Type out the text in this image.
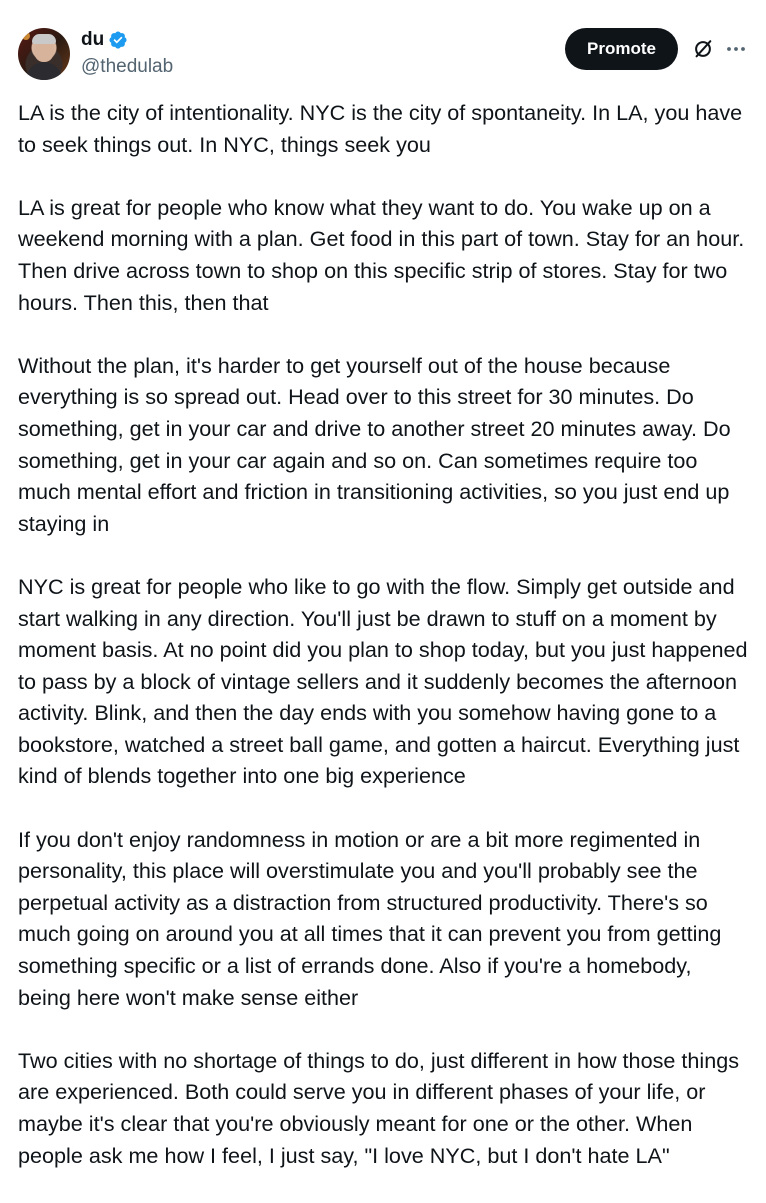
du
@thedulab
Promote

LA is the city of intentionality. NYC is the city of spontaneity. In LA, you have to seek things out. In NYC, things seek you

LA is great for people who know what they want to do. You wake up on a weekend morning with a plan. Get food in this part of town. Stay for an hour. Then drive across town to shop on this specific strip of stores. Stay for two hours. Then this, then that

Without the plan, it's harder to get yourself out of the house because everything is so spread out. Head over to this street for 30 minutes. Do something, get in your car and drive to another street 20 minutes away. Do something, get in your car again and so on. Can sometimes require too much mental effort and friction in transitioning activities, so you just end up staying in

NYC is great for people who like to go with the flow. Simply get outside and start walking in any direction. You'll just be drawn to stuff on a moment by moment basis. At no point did you plan to shop today, but you just happened to pass by a block of vintage sellers and it suddenly becomes the afternoon activity. Blink, and then the day ends with you somehow having gone to a bookstore, watched a street ball game, and gotten a haircut. Everything just kind of blends together into one big experience

If you don't enjoy randomness in motion or are a bit more regimented in personality, this place will overstimulate you and you'll probably see the perpetual activity as a distraction from structured productivity. There's so much going on around you at all times that it can prevent you from getting something specific or a list of errands done. Also if you're a homebody, being here won't make sense either

Two cities with no shortage of things to do, just different in how those things are experienced. Both could serve you in different phases of your life, or maybe it's clear that you're obviously meant for one or the other. When people ask me how I feel, I just say, "I love NYC, but I don't hate LA"
